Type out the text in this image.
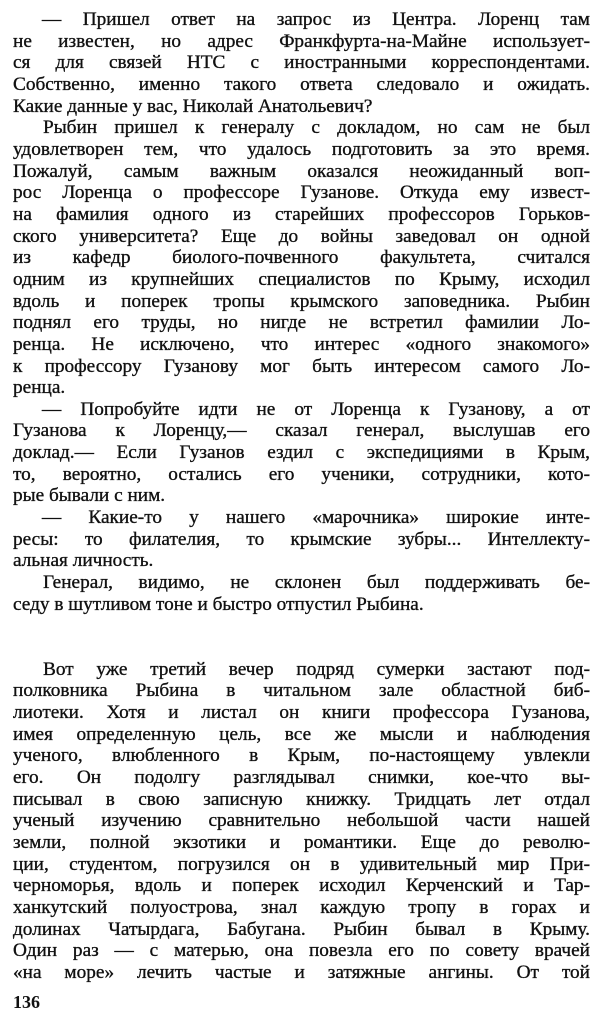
— Пришел ответ на запрос из Центра. Лоренц там
не известен, но адрес Франкфурта-на-Майне использует-
ся для связей НТС с иностранными корреспондентами.
Собственно, именно такого ответа следовало и ожидать.
Какие данные у вас, Николай Анатольевич?
Рыбин пришел к генералу с докладом, но сам не был
удовлетворен тем, что удалось подготовить за это время.
Пожалуй, самым важным оказался неожиданный воп-
рос Лоренца о профессоре Гузанове. Откуда ему извест-
на фамилия одного из старейших профессоров Горьков-
ского университета? Еще до войны заведовал он одной
из кафедр биолого-почвенного факультета, считался
одним из крупнейших специалистов по Крыму, исходил
вдоль и поперек тропы крымского заповедника. Рыбин
поднял его труды, но нигде не встретил фамилии Ло-
ренца. Не исключено, что интерес «одного знакомого»
к профессору Гузанову мог быть интересом самого Ло-
ренца.
— Попробуйте идти не от Лоренца к Гузанову, а от
Гузанова к Лоренцу,— сказал генерал, выслушав его
доклад.— Если Гузанов ездил с экспедициями в Крым,
то, вероятно, остались его ученики, сотрудники, кото-
рые бывали с ним.
— Какие-то у нашего «марочника» широкие инте-
ресы: то филателия, то крымские зубры... Интеллекту-
альная личность.
Генерал, видимо, не склонен был поддерживать бе-
седу в шутливом тоне и быстро отпустил Рыбина.
Вот уже третий вечер подряд сумерки застают под-
полковника Рыбина в читальном зале областной биб-
лиотеки. Хотя и листал он книги профессора Гузанова,
имея определенную цель, все же мысли и наблюдения
ученого, влюбленного в Крым, по-настоящему увлекли
его. Он подолгу разглядывал снимки, кое-что вы-
писывал в свою записную книжку. Тридцать лет отдал
ученый изучению сравнительно небольшой части нашей
земли, полной экзотики и романтики. Еще до револю-
ции, студентом, погрузился он в удивительный мир При-
черноморья, вдоль и поперек исходил Керченский и Тар-
ханкутский полуострова, знал каждую тропу в горах и
долинах Чатырдага, Бабугана. Рыбин бывал в Крыму.
Один раз — с матерью, она повезла его по совету врачей
«на море» лечить частые и затяжные ангины. От той
136
